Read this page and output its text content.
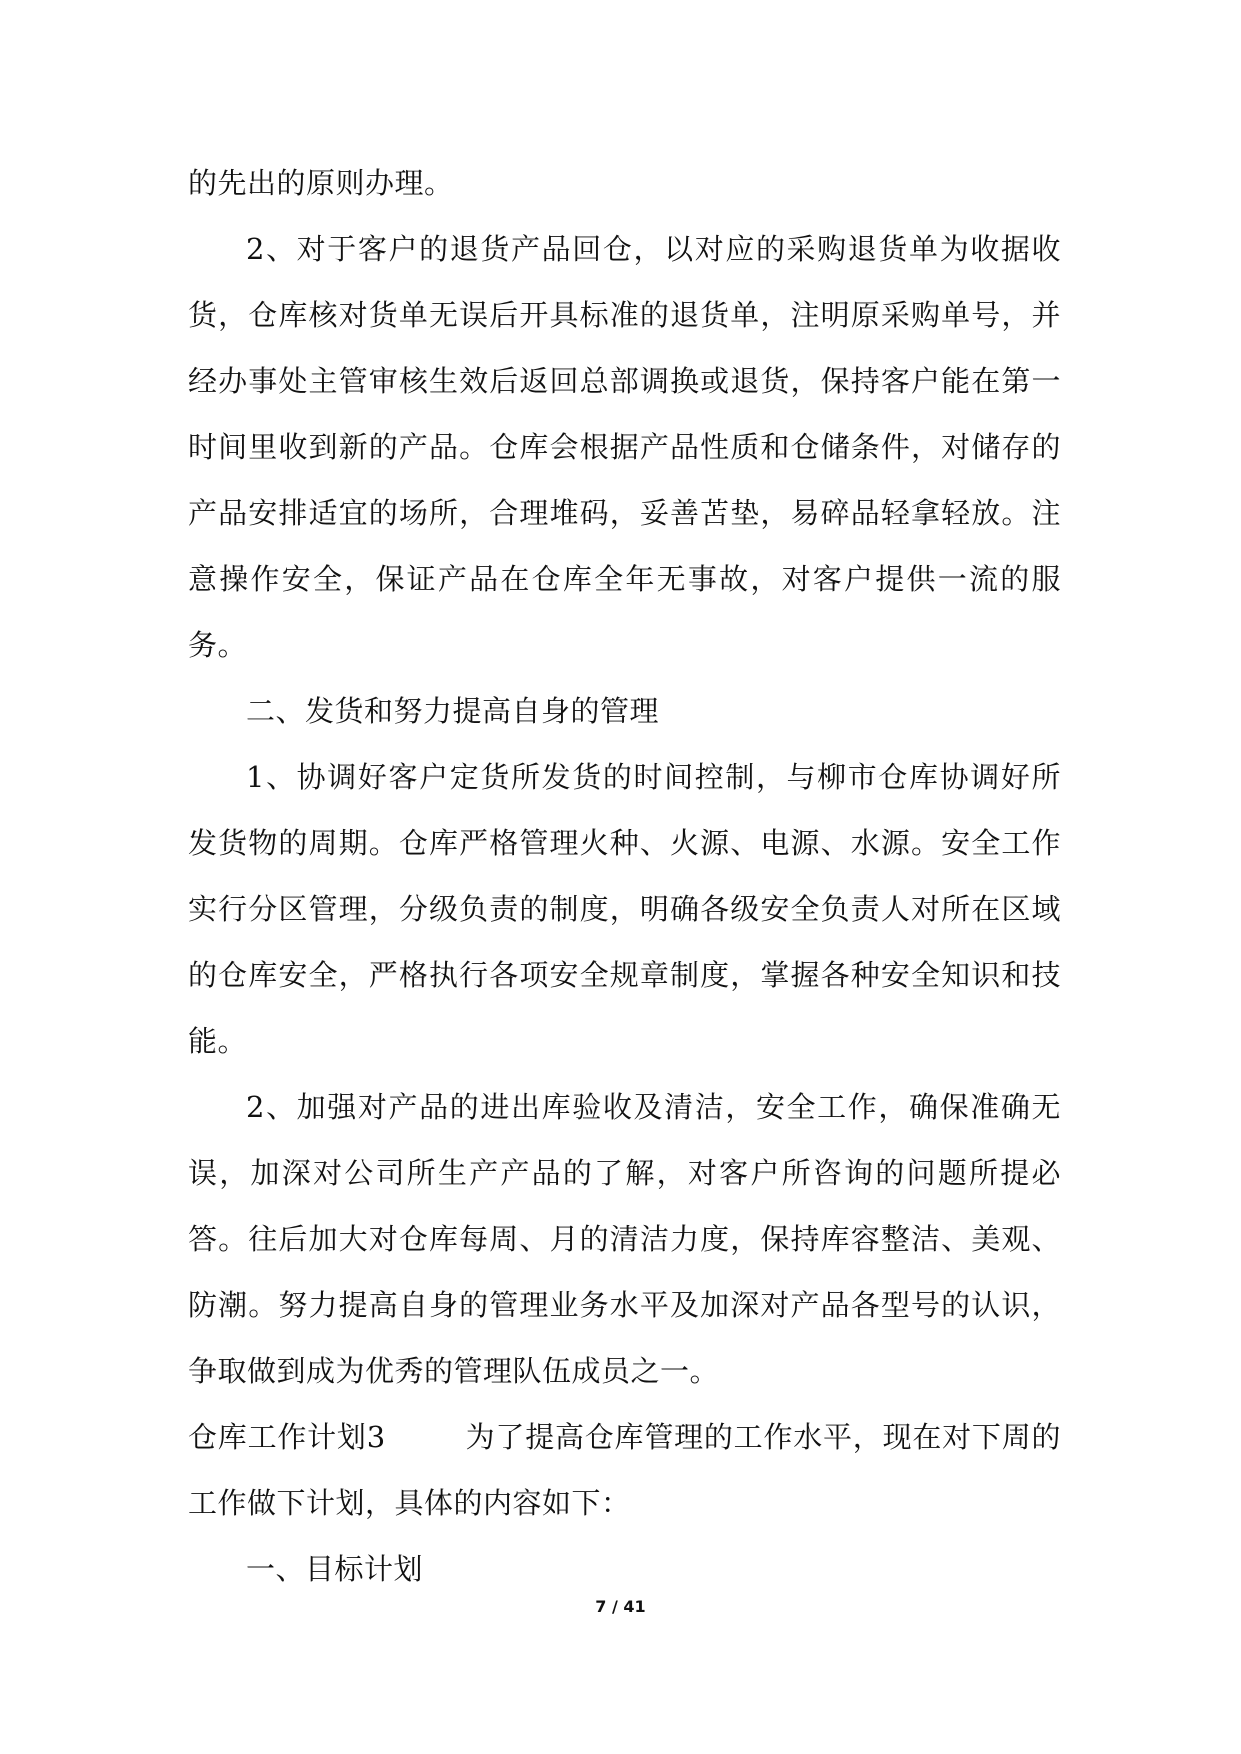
的先出的原则办理。

2、对于客户的退货产品回仓，以对应的采购退货单为收据收货，仓库核对货单无误后开具标准的退货单，注明原采购单号，并经办事处主管审核生效后返回总部调换或退货，保持客户能在第一时间里收到新的产品。仓库会根据产品性质和仓储条件，对储存的产品安排适宜的场所，合理堆码，妥善苫垫，易碎品轻拿轻放。注意操作安全，保证产品在仓库全年无事故，对客户提供一流的服务。

二、发货和努力提高自身的管理

1、协调好客户定货所发货的时间控制，与柳市仓库协调好所发货物的周期。仓库严格管理火种、火源、电源、水源。安全工作实行分区管理，分级负责的制度，明确各级安全负责人对所在区域的仓库安全，严格执行各项安全规章制度，掌握各种安全知识和技能。

2、加强对产品的进出库验收及清洁，安全工作，确保准确无误，加深对公司所生产产品的了解，对客户所咨询的问题所提必答。往后加大对仓库每周、月的清洁力度，保持库容整洁、美观、防潮。努力提高自身的管理业务水平及加深对产品各型号的认识，争取做到成为优秀的管理队伍成员之一。

仓库工作计划3	为了提高仓库管理的工作水平，现在对下周的工作做下计划，具体的内容如下：

一、目标计划

7 / 41
